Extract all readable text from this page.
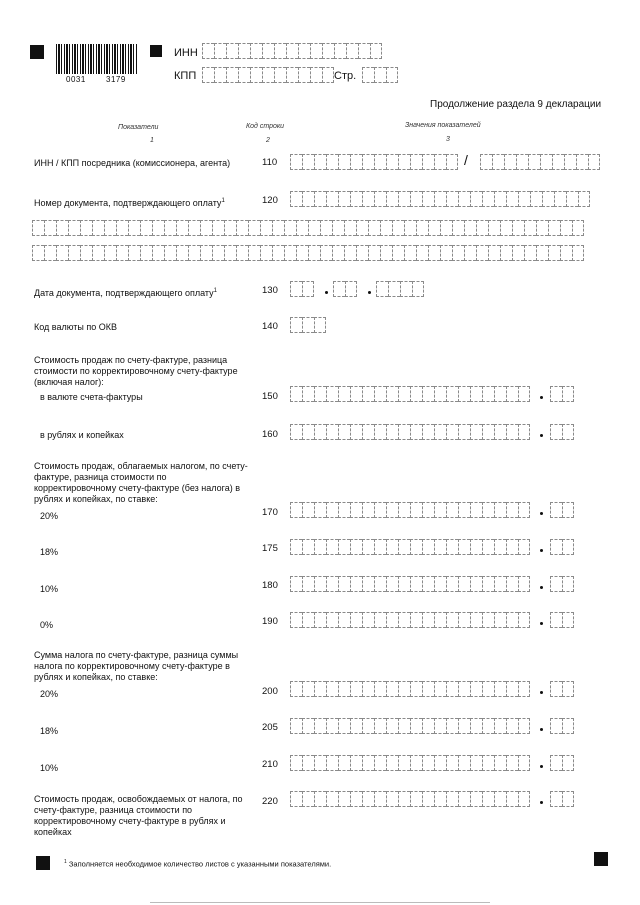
0031	3179
ИНН
КПП	Стр.
Продолжение раздела 9 декларации
Показатели	Код строки	Значения показателей
1	2	3
ИНН / КПП посредника (комиссионера, агента)	110	/
Номер документа, подтверждающего оплату$^1$	120
Дата документа, подтверждающего оплату$^1$	130
Код валюты по ОКВ	140
Стоимость продаж по счету-фактуре, разница стоимости по корректировочному счету-фактуре (включая налог):
в валюте счета-фактуры	150
в рублях и копейках	160
Стоимость продаж, облагаемых налогом, по счету-фактуре, разница стоимости по корректировочному счету-фактуре (без налога) в рублях и копейках, по ставке:
20%	170
18%	175
10%	180
0%	190
Сумма налога по счету-фактуре, разница суммы налога по корректировочному счету-фактуре в рублях и копейках, по ставке:
20%	200
18%	205
10%	210
Стоимость продаж, освобождаемых от налога, по счету-фактуре, разница стоимости по корректировочному счету-фактуре в рублях и копейках
220
$^1$ Заполняется необходимое количество листов с указанными показателями.
